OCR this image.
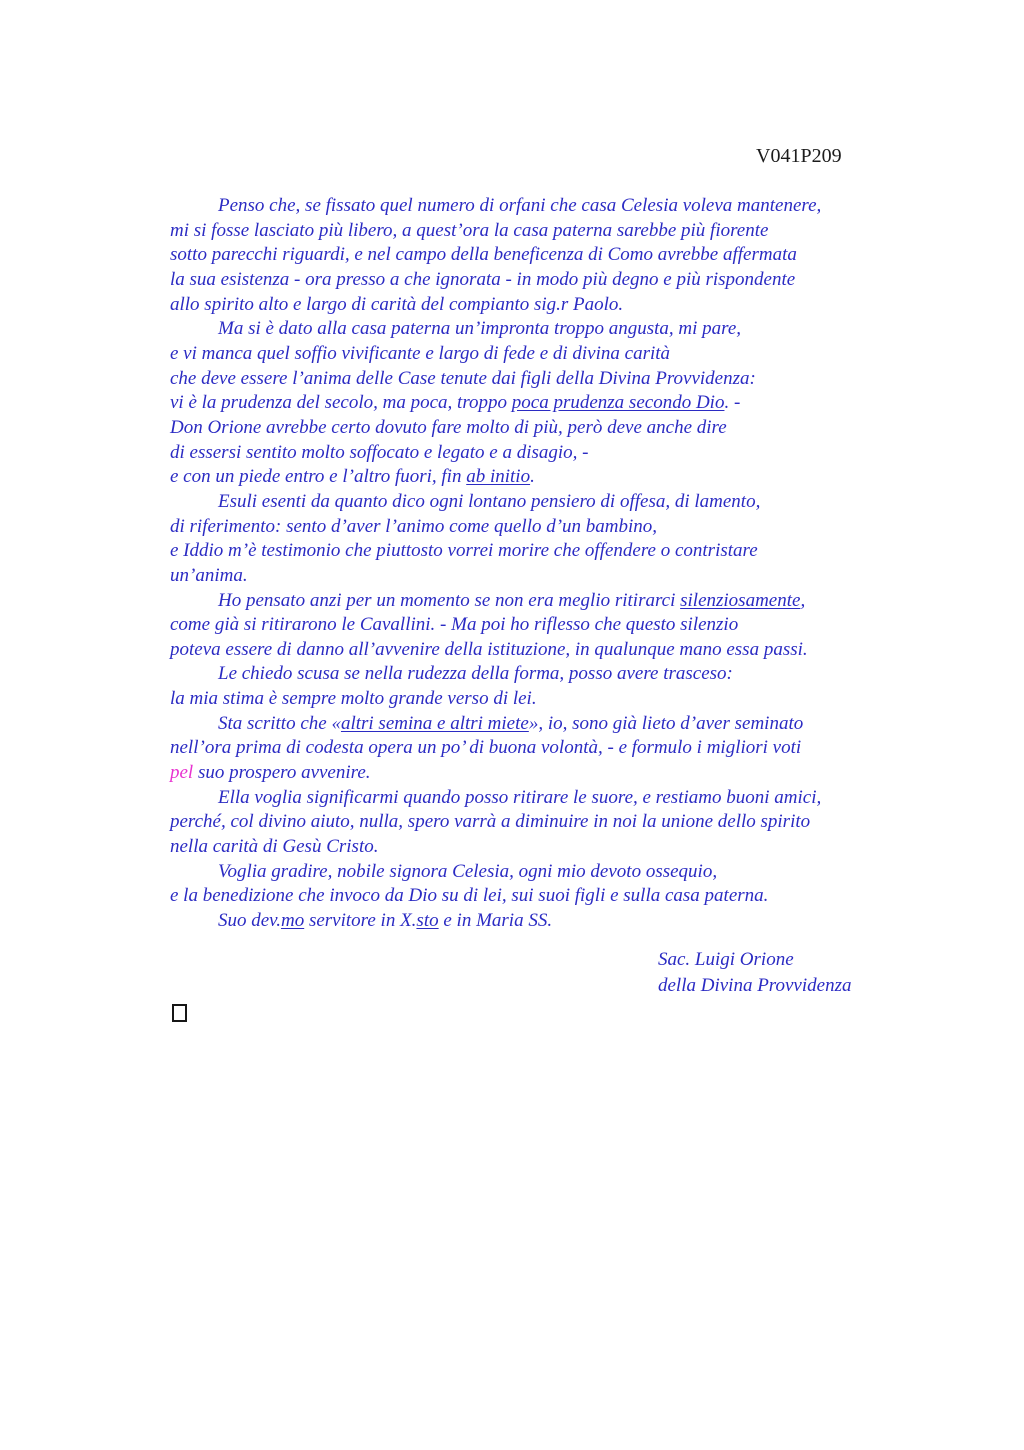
V041P209
Penso che, se fissato quel numero di orfani che casa Celesia voleva mantenere,
mi si fosse lasciato più libero, a quest’ora la casa paterna sarebbe più fiorente
sotto parecchi riguardi, e nel campo della beneficenza di Como avrebbe affermata
la sua esistenza - ora presso a che ignorata - in modo più degno e più rispondente
allo spirito alto e largo di carità del compianto sig.r Paolo.
Ma si è dato alla casa paterna un’impronta troppo angusta, mi pare,
e vi manca quel soffio vivificante e largo di fede e di divina carità
che deve essere l’anima delle Case tenute dai figli della Divina Provvidenza:
vi è la prudenza del secolo, ma poca, troppo poca prudenza secondo Dio. -
Don Orione avrebbe certo dovuto fare molto di più, però deve anche dire
di essersi sentito molto soffocato e legato e a disagio, -
e con un piede entro e l’altro fuori, fin ab initio.
Esuli esenti da quanto dico ogni lontano pensiero di offesa, di lamento,
di riferimento: sento d’aver l’animo come quello d’un bambino,
e Iddio m’è testimonio che piuttosto vorrei morire che offendere o contristare
un’anima.
Ho pensato anzi per un momento se non era meglio ritirarci silenziosamente,
come già si ritirarono le Cavallini. - Ma poi ho riflesso che questo silenzio
poteva essere di danno all’avvenire della istituzione, in qualunque mano essa passi.
Le chiedo scusa se nella rudezza della forma, posso avere trasceso:
la mia stima è sempre molto grande verso di lei.
Sta scritto che «altri semina e altri miete», io, sono già lieto d’aver seminato
nell’ora prima di codesta opera un po’ di buona volontà, - e formulo i migliori voti
pel suo prospero avvenire.
Ella voglia significarmi quando posso ritirare le suore, e restiamo buoni amici,
perché, col divino aiuto, nulla, spero varrà a diminuire in noi la unione dello spirito
nella carità di Gesù Cristo.
Voglia gradire, nobile signora Celesia, ogni mio devoto ossequio,
e la benedizione che invoco da Dio su di lei, sui suoi figli e sulla casa paterna.
Suo dev.mo servitore in X.sto e in Maria SS.
Sac. Luigi Orione
della Divina Provvidenza
